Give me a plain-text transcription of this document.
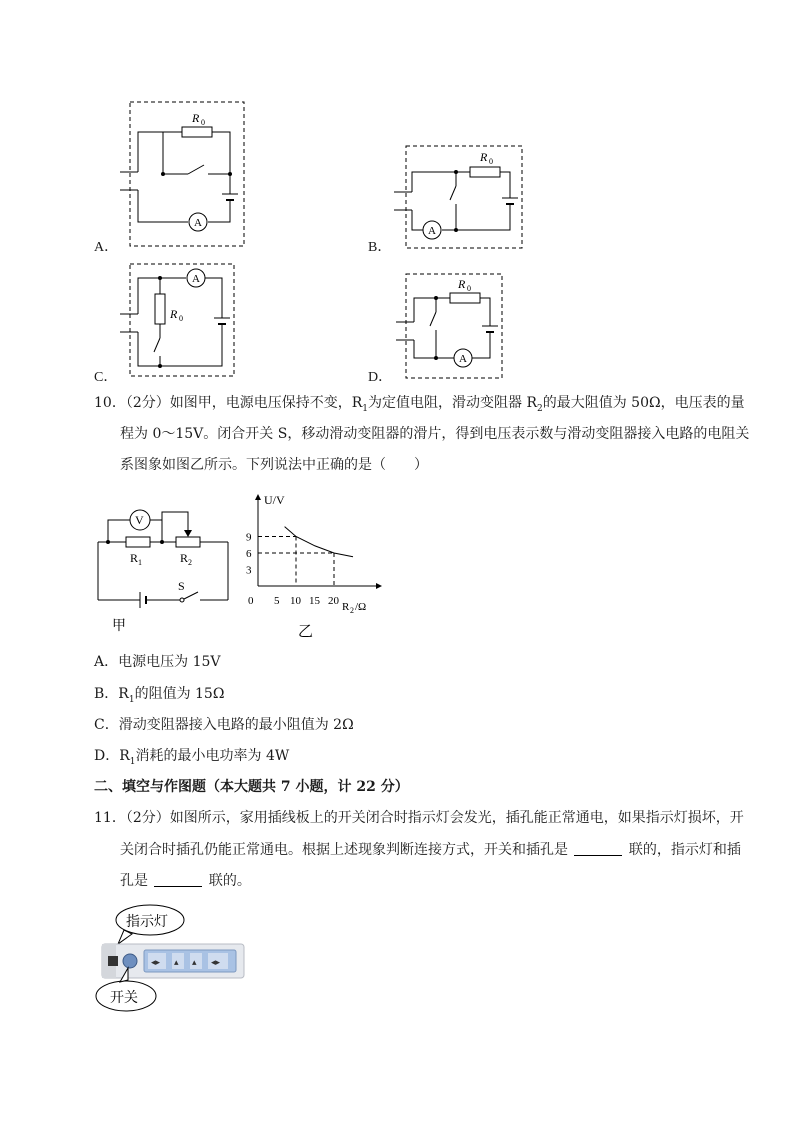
A．
A
R 0
B．
A
R 0
C．
A
R 0
D．
A
R 0
10．（2分）如图甲，电源电压保持不变，$R_1$为定值电阻，滑动变阻器 $R_2$的最大阻值为 50Ω，电压表的量
程为 0～15V。闭合开关 S，移动滑动变阻器的滑片，得到电压表示数与滑动变阻器接入电路的电阻关
系图象如图乙所示。下列说法中正确的是（　　）
V
R 1	R 2
S
甲
U/V
0	R 2 /Ω
乙
5 10 15 20
3
6
9
A．电源电压为 15V
B．$R_1$的阻值为 15Ω
C．滑动变阻器接入电路的最小阻值为 2Ω
D．$R_1$消耗的最小电功率为 4W
二、填空与作图题（本大题共 7 小题，计 22 分）
11．（2分）如图所示，家用插线板上的开关闭合时指示灯会发光，插孔能正常通电，如果指示灯损坏，开
关闭合时插孔仍能正常通电。根据上述现象判断连接方式，开关和插孔是	联的，指示灯和插
孔是	联的。
指示灯
◂▸ ▴ ▴ ◂▸
开关
